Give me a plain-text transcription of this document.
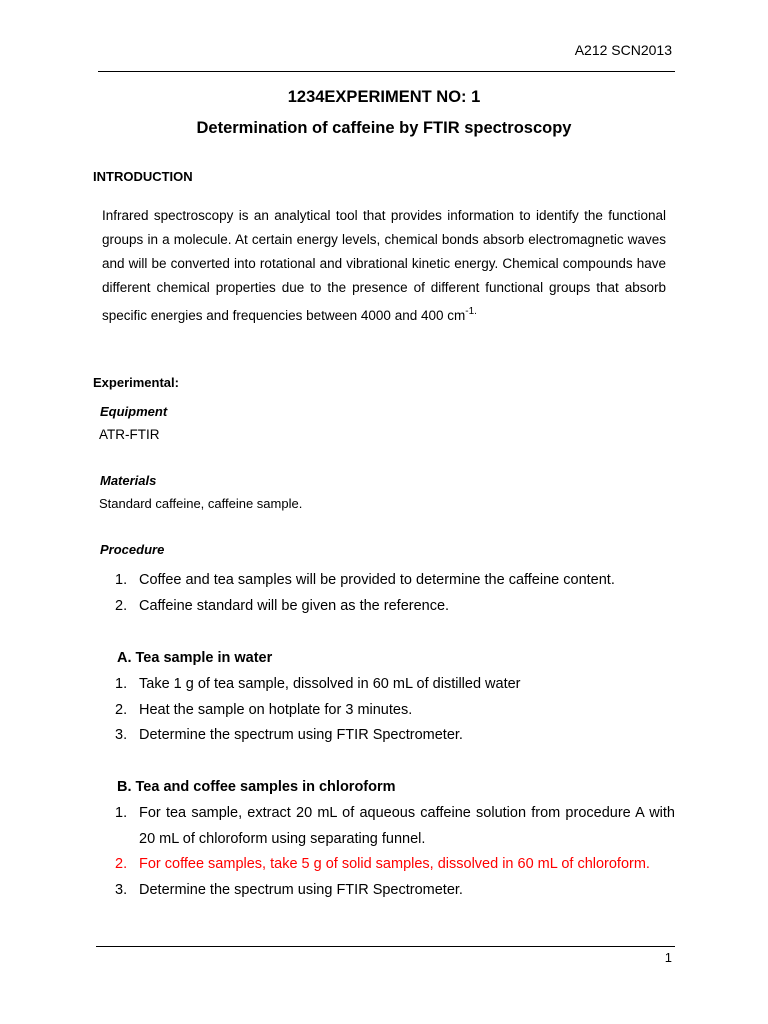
A212 SCN2013
1234EXPERIMENT NO: 1
Determination of caffeine by FTIR spectroscopy
INTRODUCTION
Infrared spectroscopy is an analytical tool that provides information to identify the functional groups in a molecule. At certain energy levels, chemical bonds absorb electromagnetic waves and will be converted into rotational and vibrational kinetic energy. Chemical compounds have different chemical properties due to the presence of different functional groups that absorb specific energies and frequencies between 4000 and 400 $cm^{-1.}$
Experimental:
Equipment
ATR-FTIR
Materials
Standard caffeine, caffeine sample.
Procedure
1. Coffee and tea samples will be provided to determine the caffeine content.
2. Caffeine standard will be given as the reference.
A. Tea sample in water
1. Take 1 g of tea sample, dissolved in 60 mL of distilled water
2. Heat the sample on hotplate for 3 minutes.
3. Determine the spectrum using FTIR Spectrometer.
B. Tea and coffee samples in chloroform
1. For tea sample, extract 20 mL of aqueous caffeine solution from procedure A with 20 mL of chloroform using separating funnel.
2. For coffee samples, take 5 g of solid samples, dissolved in 60 mL of chloroform.
3. Determine the spectrum using FTIR Spectrometer.
1
